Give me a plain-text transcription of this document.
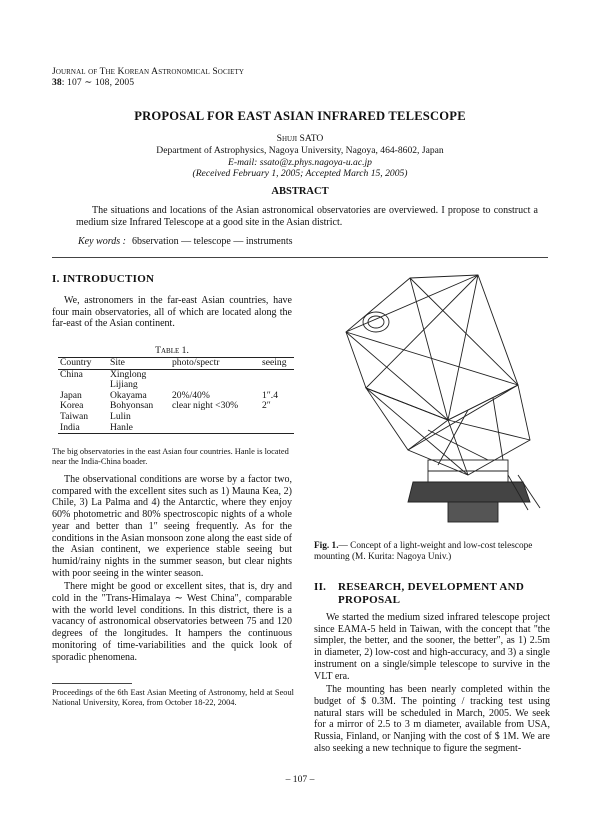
Journal of The Korean Astronomical Society
38: 107 ∼ 108, 2005
PROPOSAL FOR EAST ASIAN INFRARED TELESCOPE
Shuji SATO
Department of Astrophysics, Nagoya University, Nagoya, 464-8602, Japan
E-mail: ssato@z.phys.nagoya-u.ac.jp
(Received February 1, 2005; Accepted March 15, 2005)
ABSTRACT
The situations and locations of the Asian astronomical observatories are overviewed. I propose to construct a medium size Infrared Telescope at a good site in the Asian district.
Key words : 6bservation — telescope — instruments
I. INTRODUCTION

We, astronomers in the far-east Asian countries, have four main observatories, all of which are located along the far-east of the Asian continent.

Table 1.
Country	Site	photo/spectr	seeing
China	Xinglong		
	Lijiang		
Japan	Okayama	20%/40%	1″.4
Korea	Bohyonsan	clear night <30%	2″
Taiwan	Lulin		
India	Hanle		
The big observatories in the east Asian four countries. Hanle is located near the India-China boader.

The observational conditions are worse by a factor two, compared with the excellent sites such as 1) Mauna Kea, 2) Chile, 3) La Palma and 4) the Antarctic, where they enjoy 60% photometric and 80% spectroscopic nights of a whole year and better than 1″ seeing frequently. As for the conditions in the Asian monsoon zone along the east side of the Asian continent, we experience stable seeing but humid/rainy nights in the summer season, but clear nights with poor seeing in the winter season.

There might be good or excellent sites, that is, dry and cold in the "Trans-Himalaya ∼ West China", comparable with the world level conditions. In this district, there is a vacancy of astronomical observatories between 75 and 120 degrees of the longitudes. It hampers the continuous monitoring of time-variabilities and the quick look of sporadic phenomena.

Proceedings of the 6th East Asian Meeting of Astronomy, held at Seoul National University, Korea, from October 18-22, 2004.
Fig. 1.— Concept of a light-weight and low-cost telescope mounting (M. Kurita: Nagoya Univ.)
II.	RESEARCH, DEVELOPMENT AND PROPOSAL

We started the medium sized infrared telescope project since EAMA-5 held in Taiwan, with the concept that "the simpler, the better, and the sooner, the better", as 1) 2.5m in diameter, 2) low-cost and high-accuracy, and 3) a single instrument on a single/simple telescope to survive in the VLT era.

The mounting has been nearly completed within the budget of $ 0.3M. The pointing / tracking test using natural stars will be scheduled in March, 2005. We seek for a mirror of 2.5 to 3 m diameter, available from USA, Russia, Finland, or Nanjing with the cost of $ 1M. We are also seeking a new technique to figure the segment-

– 107 –
